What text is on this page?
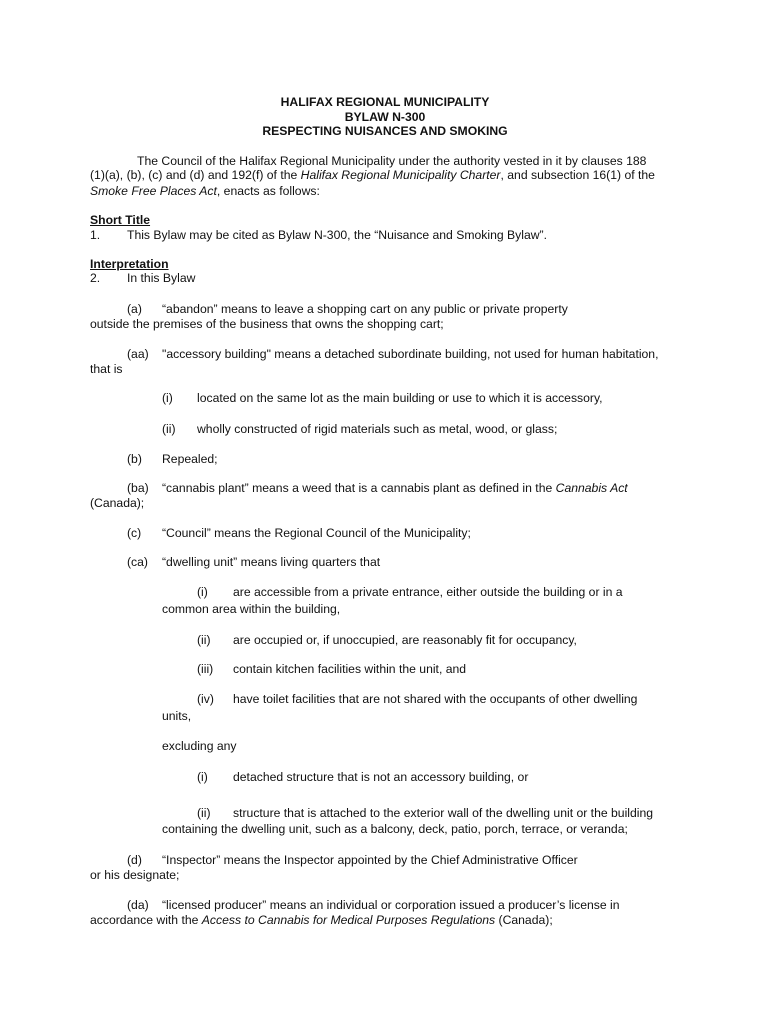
HALIFAX REGIONAL MUNICIPALITY
BYLAW N-300
RESPECTING NUISANCES AND SMOKING
The Council of the Halifax Regional Municipality under the authority vested in it by clauses 188
(1)(a), (b), (c) and (d) and 192(f) of the Halifax Regional Municipality Charter, and subsection 16(1) of the
Smoke Free Places Act, enacts as follows:
Short Title
1. This Bylaw may be cited as Bylaw N-300, the “Nuisance and Smoking Bylaw”.
Interpretation
2. In this Bylaw
(a) “abandon” means to leave a shopping cart on any public or private property
outside the premises of the business that owns the shopping cart;
(aa) "accessory building" means a detached subordinate building, not used for human habitation,
that is
(i) located on the same lot as the main building or use to which it is accessory,
(ii) wholly constructed of rigid materials such as metal, wood, or glass;
(b) Repealed;
(ba) “cannabis plant” means a weed that is a cannabis plant as defined in the Cannabis Act
(Canada);
(c) “Council” means the Regional Council of the Municipality;
(ca) “dwelling unit” means living quarters that
(i) are accessible from a private entrance, either outside the building or in a
common area within the building,
(ii) are occupied or, if unoccupied, are reasonably fit for occupancy,
(iii) contain kitchen facilities within the unit, and
(iv) have toilet facilities that are not shared with the occupants of other dwelling
units,
excluding any
(i) detached structure that is not an accessory building, or
(ii) structure that is attached to the exterior wall of the dwelling unit or the building
containing the dwelling unit, such as a balcony, deck, patio, porch, terrace, or veranda;
(d) “Inspector” means the Inspector appointed by the Chief Administrative Officer
or his designate;
(da) “licensed producer” means an individual or corporation issued a producer’s license in
accordance with the Access to Cannabis for Medical Purposes Regulations (Canada);
